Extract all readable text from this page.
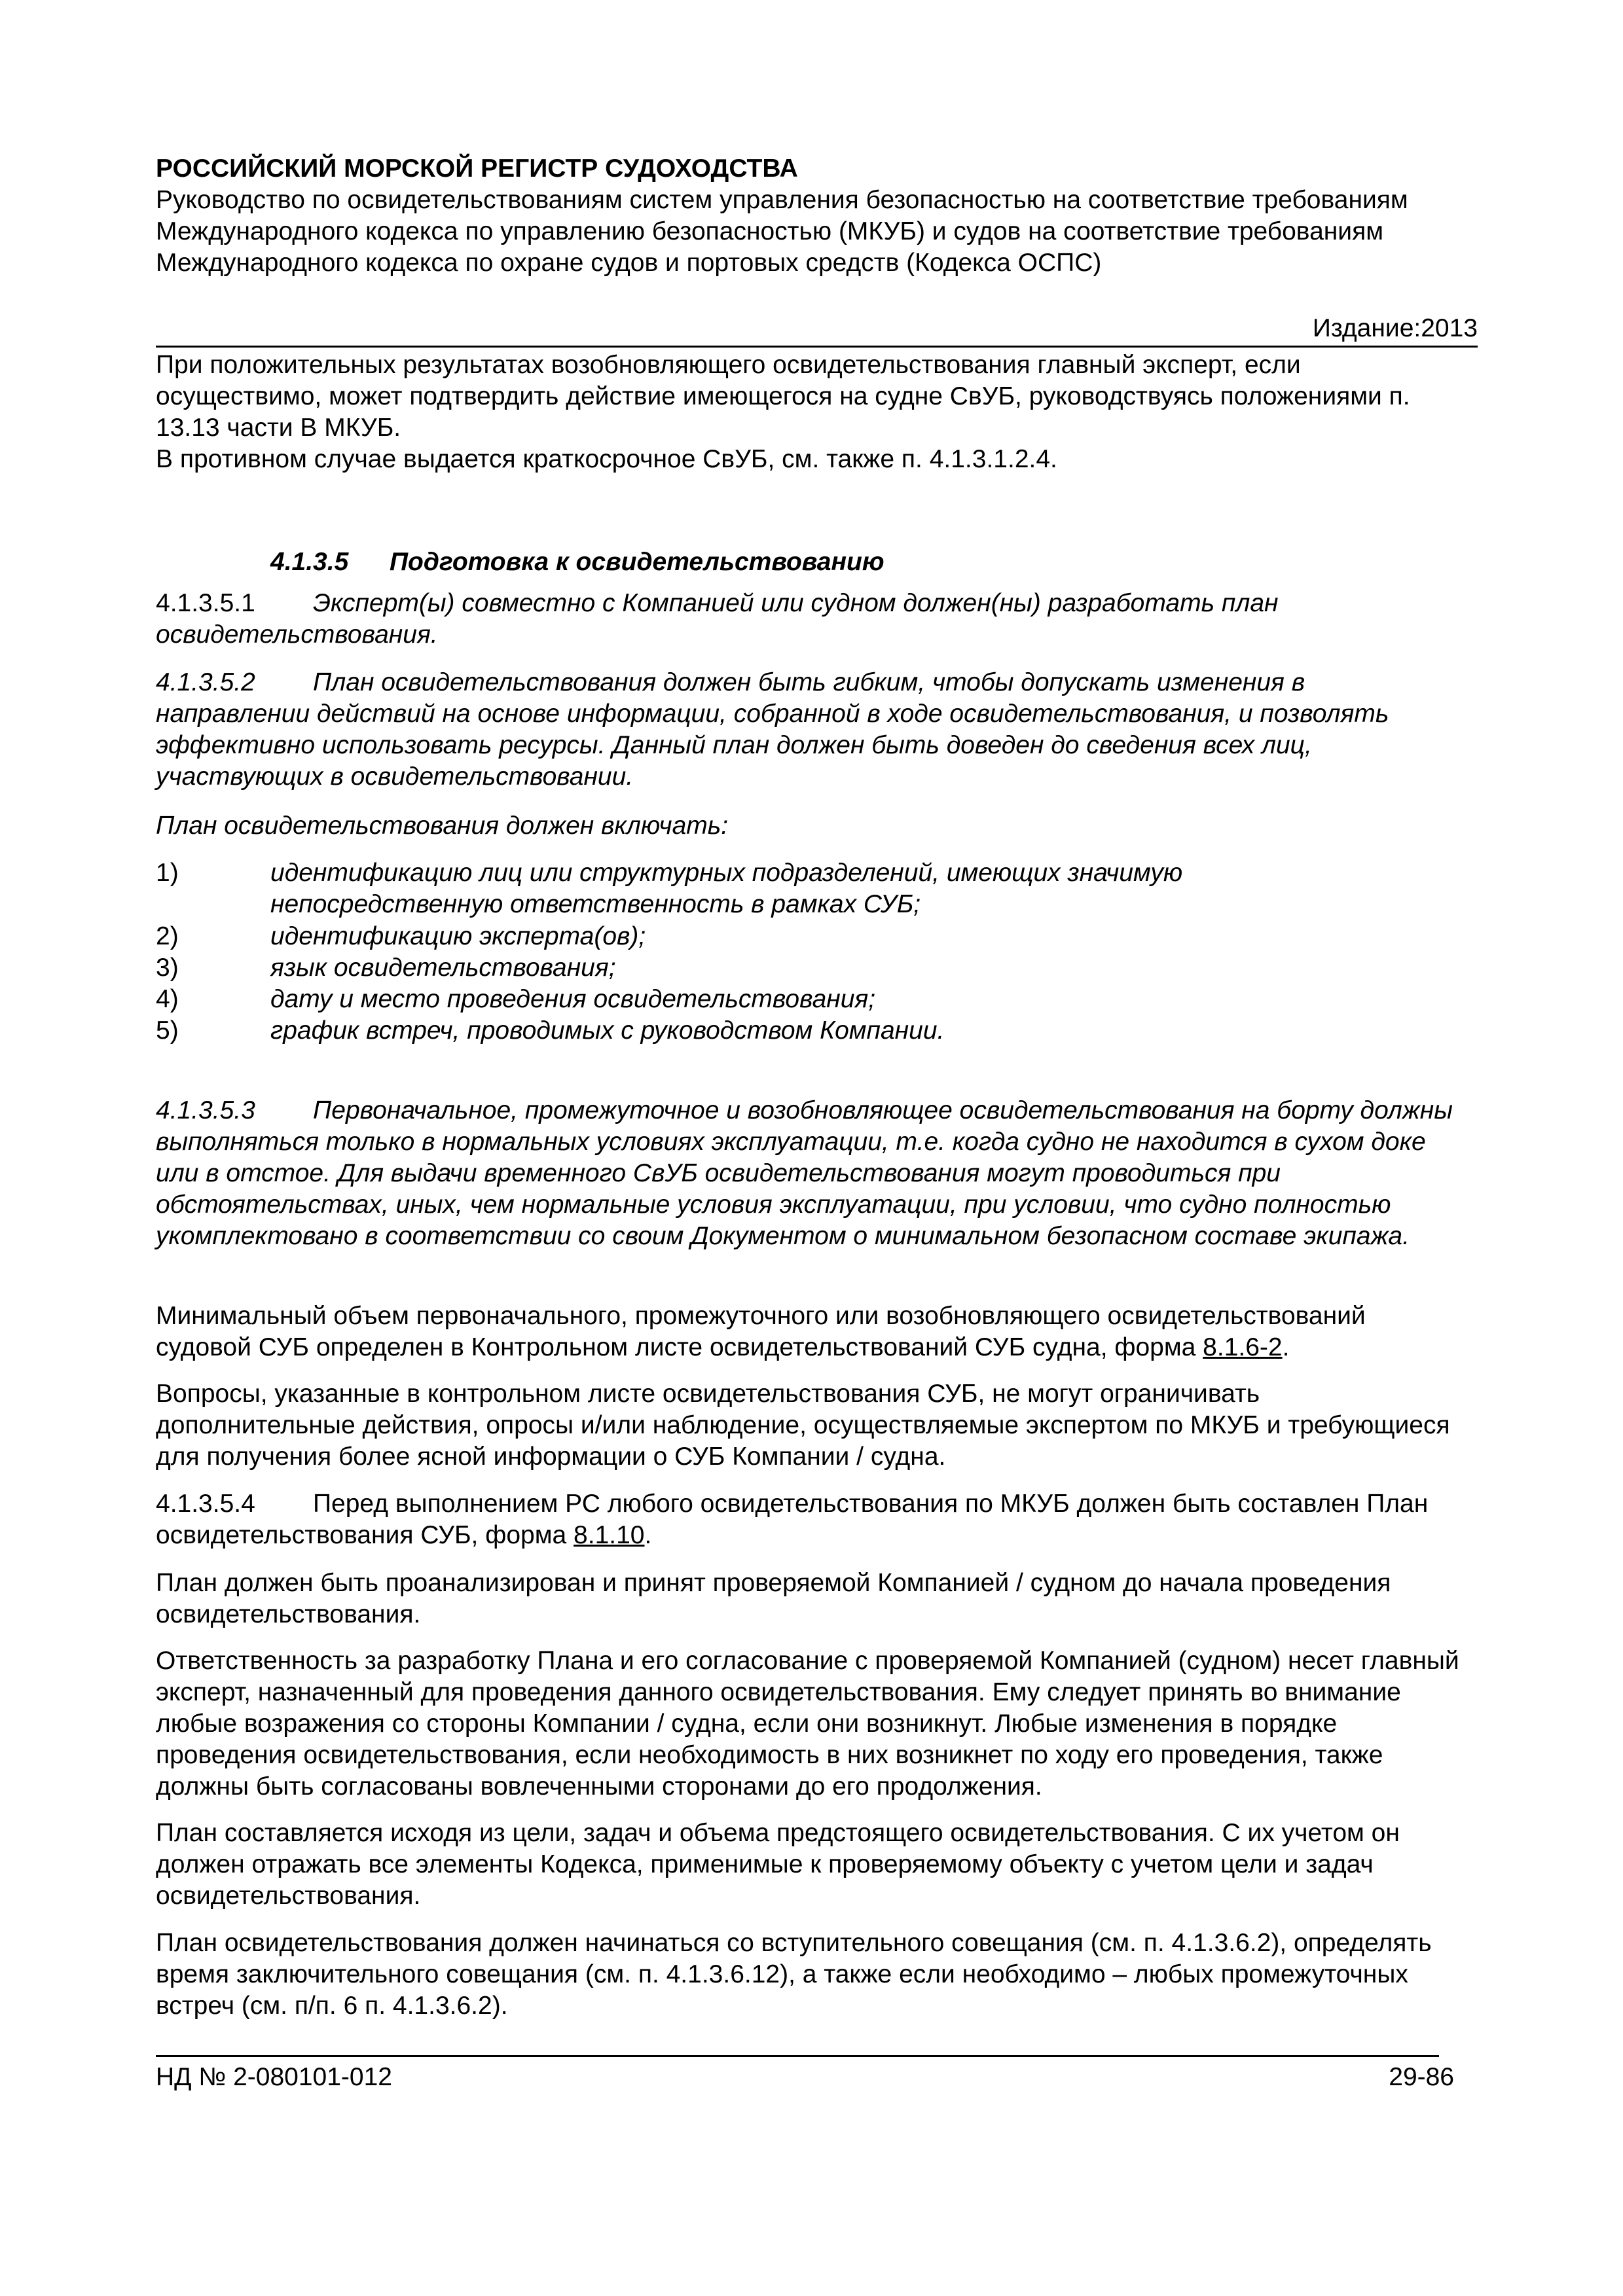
РОССИЙСКИЙ МОРСКОЙ РЕГИСТР СУДОХОДСТВА
Руководство по освидетельствованиям систем управления безопасностью на соответствие требованиям Международного кодекса по управлению безопасностью (МКУБ) и судов на соответствие требованиям Международного кодекса по охране судов и портовых средств (Кодекса ОСПС)
Издание:2013
При положительных результатах возобновляющего освидетельствования главный эксперт, если осуществимо, может подтвердить действие имеющегося на судне СвУБ, руководствуясь положениями п. 13.13 части В МКУБ.
В противном случае выдается краткосрочное СвУБ, см. также п. 4.1.3.1.2.4.
4.1.3.5 Подготовка к освидетельствованию
4.1.3.5.1 Эксперт(ы) совместно с Компанией или судном должен(ны) разработать план освидетельствования.
4.1.3.5.2 План освидетельствования должен быть гибким, чтобы допускать изменения в направлении действий на основе информации, собранной в ходе освидетельствования, и позволять эффективно использовать ресурсы. Данный план должен быть доведен до сведения всех лиц, участвующих в освидетельствовании.
План освидетельствования должен включать:
1)	идентификацию лиц или структурных подразделений, имеющих значимую
непосредственную ответственность в рамках СУБ;
2)	идентификацию эксперта(ов);
3)	язык освидетельствования;
4)	дату и место проведения освидетельствования;
5)	график встреч, проводимых с руководством Компании.
4.1.3.5.3 Первоначальное, промежуточное и возобновляющее освидетельствования на борту должны выполняться только в нормальных условиях эксплуатации, т.е. когда судно не находится в сухом доке или в отстое. Для выдачи временного СвУБ освидетельствования могут проводиться при обстоятельствах, иных, чем нормальные условия эксплуатации, при условии, что судно полностью укомплектовано в соответствии со своим Документом о минимальном безопасном составе экипажа.
Минимальный объем первоначального, промежуточного или возобновляющего освидетельствований судовой СУБ определен в Контрольном листе освидетельствований СУБ судна, форма 8.1.6-2.
Вопросы, указанные в контрольном листе освидетельствования СУБ, не могут ограничивать дополнительные действия, опросы и/или наблюдение, осуществляемые экспертом по МКУБ и требующиеся для получения более ясной информации о СУБ Компании / судна.
4.1.3.5.4 Перед выполнением РС любого освидетельствования по МКУБ должен быть составлен План освидетельствования СУБ, форма 8.1.10.
План должен быть проанализирован и принят проверяемой Компанией / судном до начала проведения освидетельствования.
Ответственность за разработку Плана и его согласование с проверяемой Компанией (судном) несет главный эксперт, назначенный для проведения данного освидетельствования. Ему следует принять во внимание любые возражения со стороны Компании / судна, если они возникнут. Любые изменения в порядке проведения освидетельствования, если необходимость в них возникнет по ходу его проведения, также должны быть согласованы вовлеченными сторонами до его продолжения.
План составляется исходя из цели, задач и объема предстоящего освидетельствования. С их учетом он должен отражать все элементы Кодекса, применимые к проверяемому объекту с учетом цели и задач освидетельствования.
План освидетельствования должен начинаться со вступительного совещания (см. п. 4.1.3.6.2), определять время заключительного совещания (см. п. 4.1.3.6.12), а также если необходимо – любых промежуточных встреч (см. п/п. 6 п. 4.1.3.6.2).
НД № 2-080101-012	29-86
